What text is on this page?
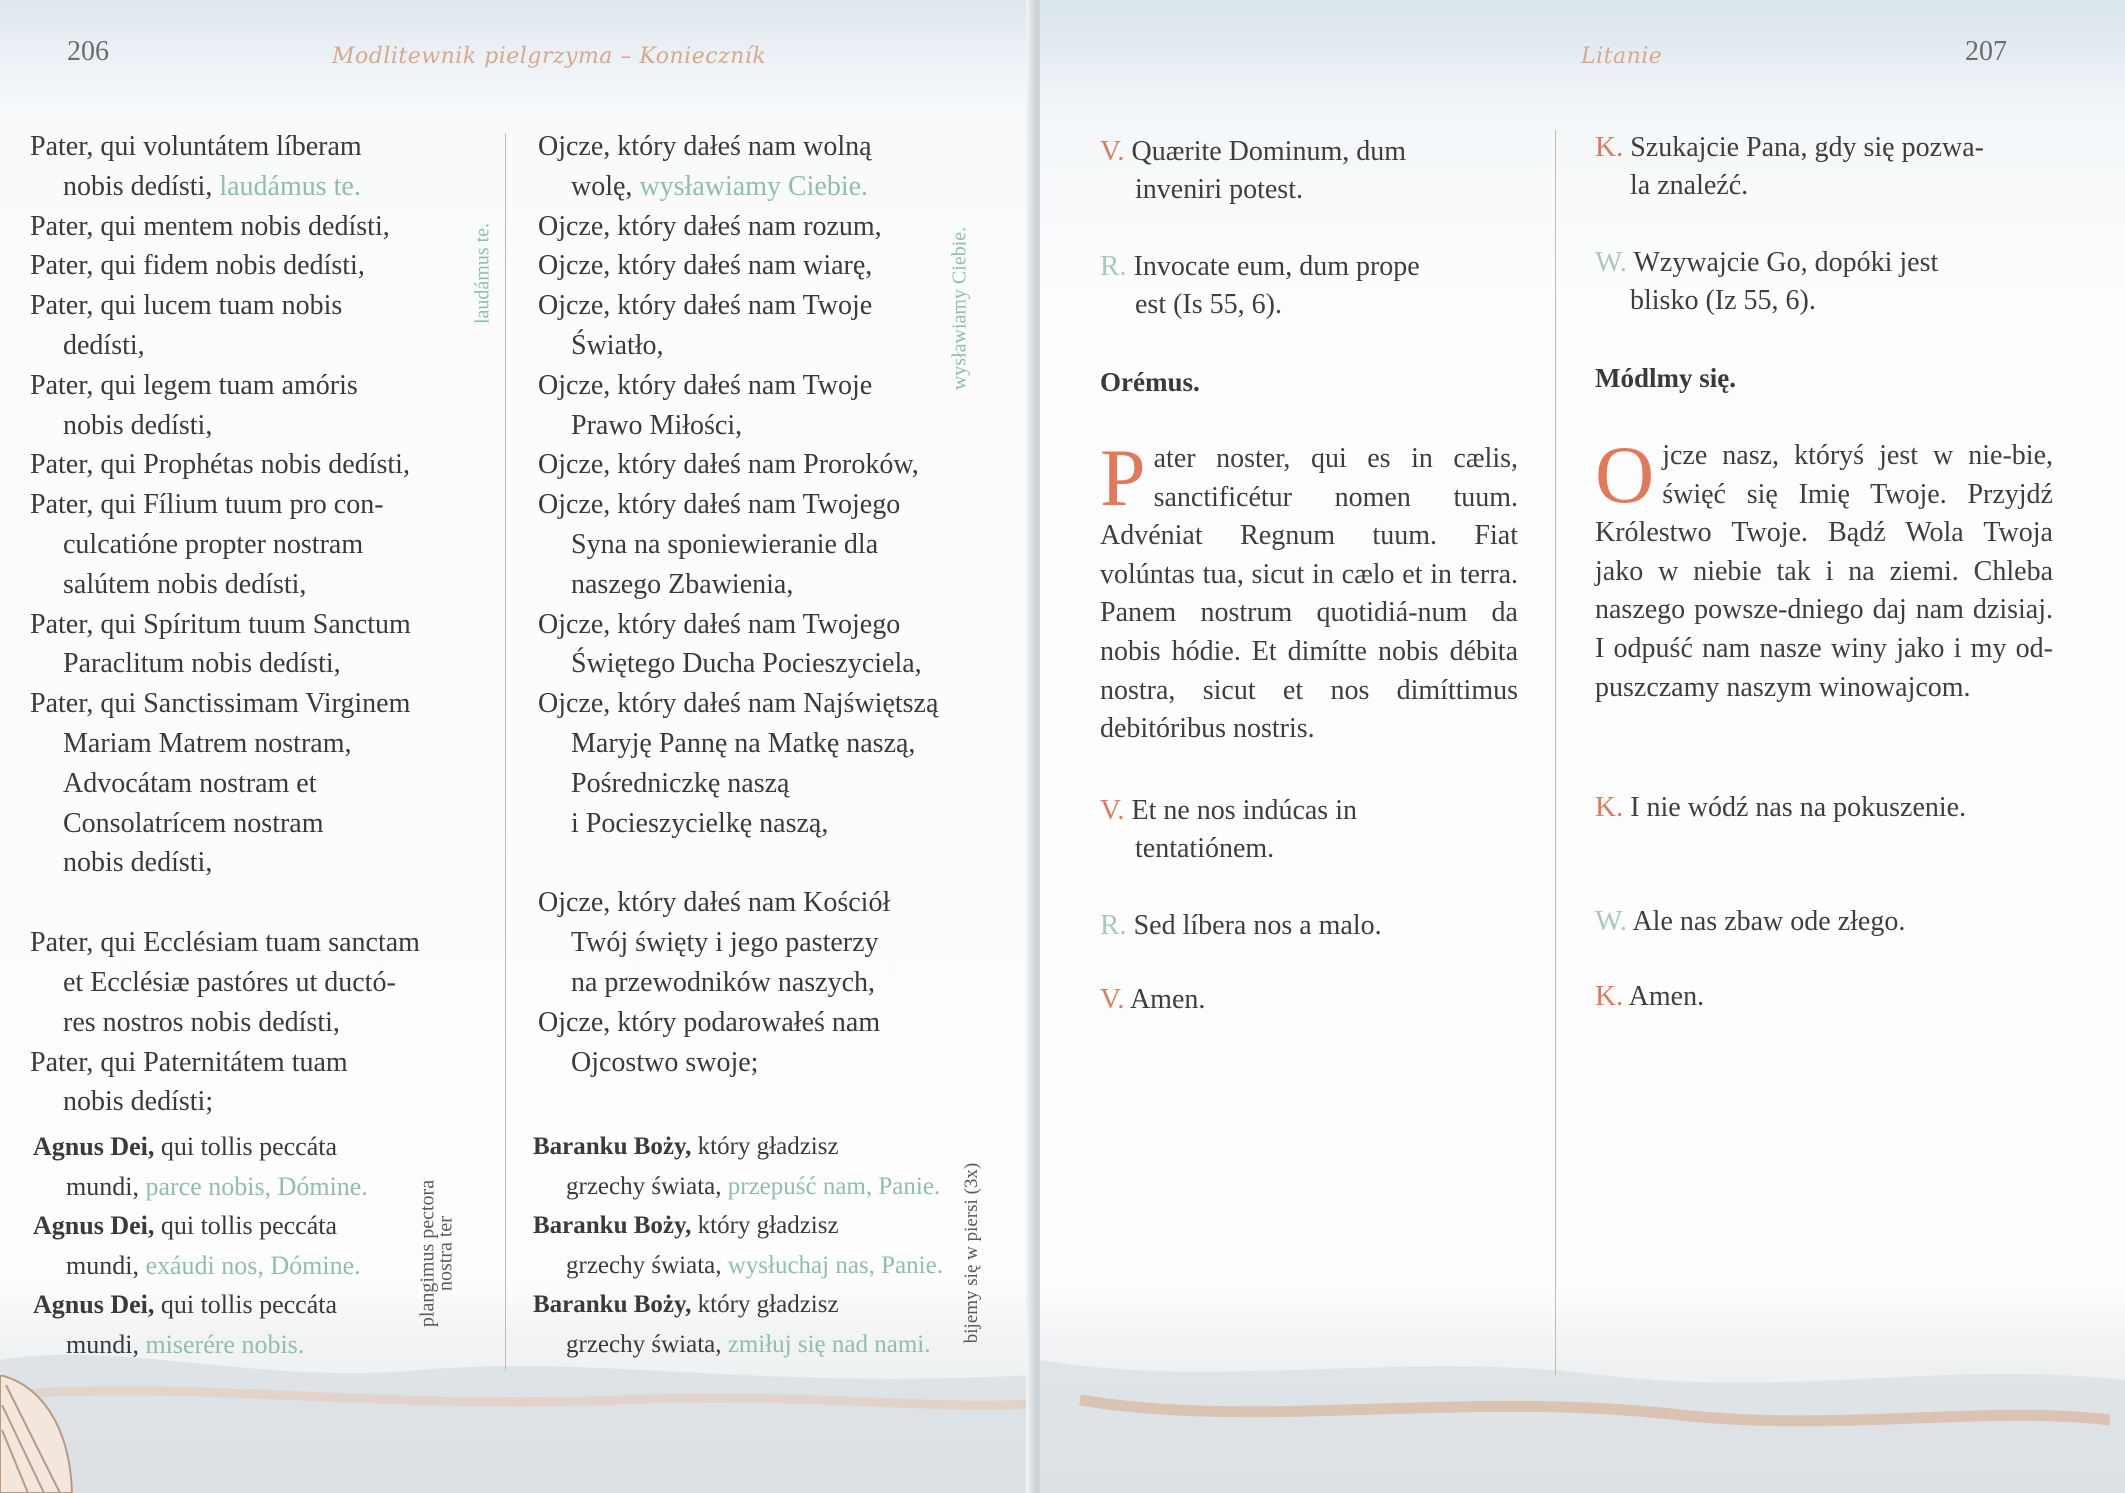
206	Modlitewnik pielgrzyma – Konieczník

Pater, qui voluntátem líberam
nobis dedísti, laudámus te.

Pater, qui mentem nobis dedísti,

Pater, qui fidem nobis dedísti,

Pater, qui lucem tuam nobis
dedísti,

Pater, qui legem tuam amóris
nobis dedísti,

Pater, qui Prophétas nobis dedísti,

Pater, qui Fílium tuum pro con-
culcatióne propter nostram
salútem nobis dedísti,

Pater, qui Spíritum tuum Sanctum
Paraclitum nobis dedísti,

Pater, qui Sanctissimam Virginem
Mariam Matrem nostram,
Advocátam nostram et
Consolatrícem nostram
nobis dedísti,

Pater, qui Ecclésiam tuam sanctam
et Ecclésiæ pastóres ut ductó-
res nostros nobis dedísti,

Pater, qui Paternitátem tuam
nobis dedísti;

laudámus te.

Ojcze, który dałeś nam wolną
wolę, wysławiamy Ciebie.

Ojcze, który dałeś nam rozum,

Ojcze, który dałeś nam wiarę,

Ojcze, który dałeś nam Twoje
Światło,

Ojcze, który dałeś nam Twoje
Prawo Miłości,

Ojcze, który dałeś nam Proroków,

Ojcze, który dałeś nam Twojego
Syna na sponiewieranie dla
naszego Zbawienia,

Ojcze, który dałeś nam Twojego
Świętego Ducha Pocieszyciela,

Ojcze, który dałeś nam Najświętszą
Maryję Pannę na Matkę naszą,
Pośredniczkę naszą
i Pocieszycielkę naszą,

Ojcze, który dałeś nam Kościół
Twój święty i jego pasterzy
na przewodników naszych,

Ojcze, który podarowałeś nam
Ojcostwo swoje;

wysławiamy Ciebie.

Agnus Dei, qui tollis peccáta
mundi, parce nobis, Dómine.

Agnus Dei, qui tollis peccáta
mundi, exáudi nos, Dómine.

Agnus Dei, qui tollis peccáta
mundi, miserére nobis.

plangimus pectora
nostra ter

Baranku Boży, który gładzisz
grzechy świata, przepuść nam, Panie.

Baranku Boży, który gładzisz
grzechy świata, wysłuchaj nas, Panie.

Baranku Boży, który gładzisz
grzechy świata, zmiłuj się nad nami.

bijemy się w piersi (3x)
Litanie	207

V. Quærite Dominum, dum
inveniri potest.

R. Invocate eum, dum prope
est (Is 55, 6).

Orémus.
Pater noster, qui es in cælis, sanctificétur nomen tuum. Advéniat Regnum tuum. Fiat volúntas tua, sicut in cælo et in terra. Panem nostrum quotidiá-num da nobis hódie. Et dimítte nobis débita nostra, sicut et nos dimíttimus debitóribus nostris.

V. Et ne nos indúcas in
tentatiónem.

R. Sed líbera nos a malo.

V. Amen.

K. Szukajcie Pana, gdy się pozwa-
la znaleźć.

W. Wzywajcie Go, dopóki jest
blisko (Iz 55, 6).

Módlmy się.
Ojcze nasz, któryś jest w nie-bie, święć się Imię Twoje. Przyjdź Królestwo Twoje. Bądź Wola Twoja jako w niebie tak i na ziemi. Chleba naszego powsze-dniego daj nam dzisiaj. I odpuść nam nasze winy jako i my od-puszczamy naszym winowajcom.

K. I nie wódź nas na pokuszenie.

W. Ale nas zbaw ode złego.

K. Amen.
